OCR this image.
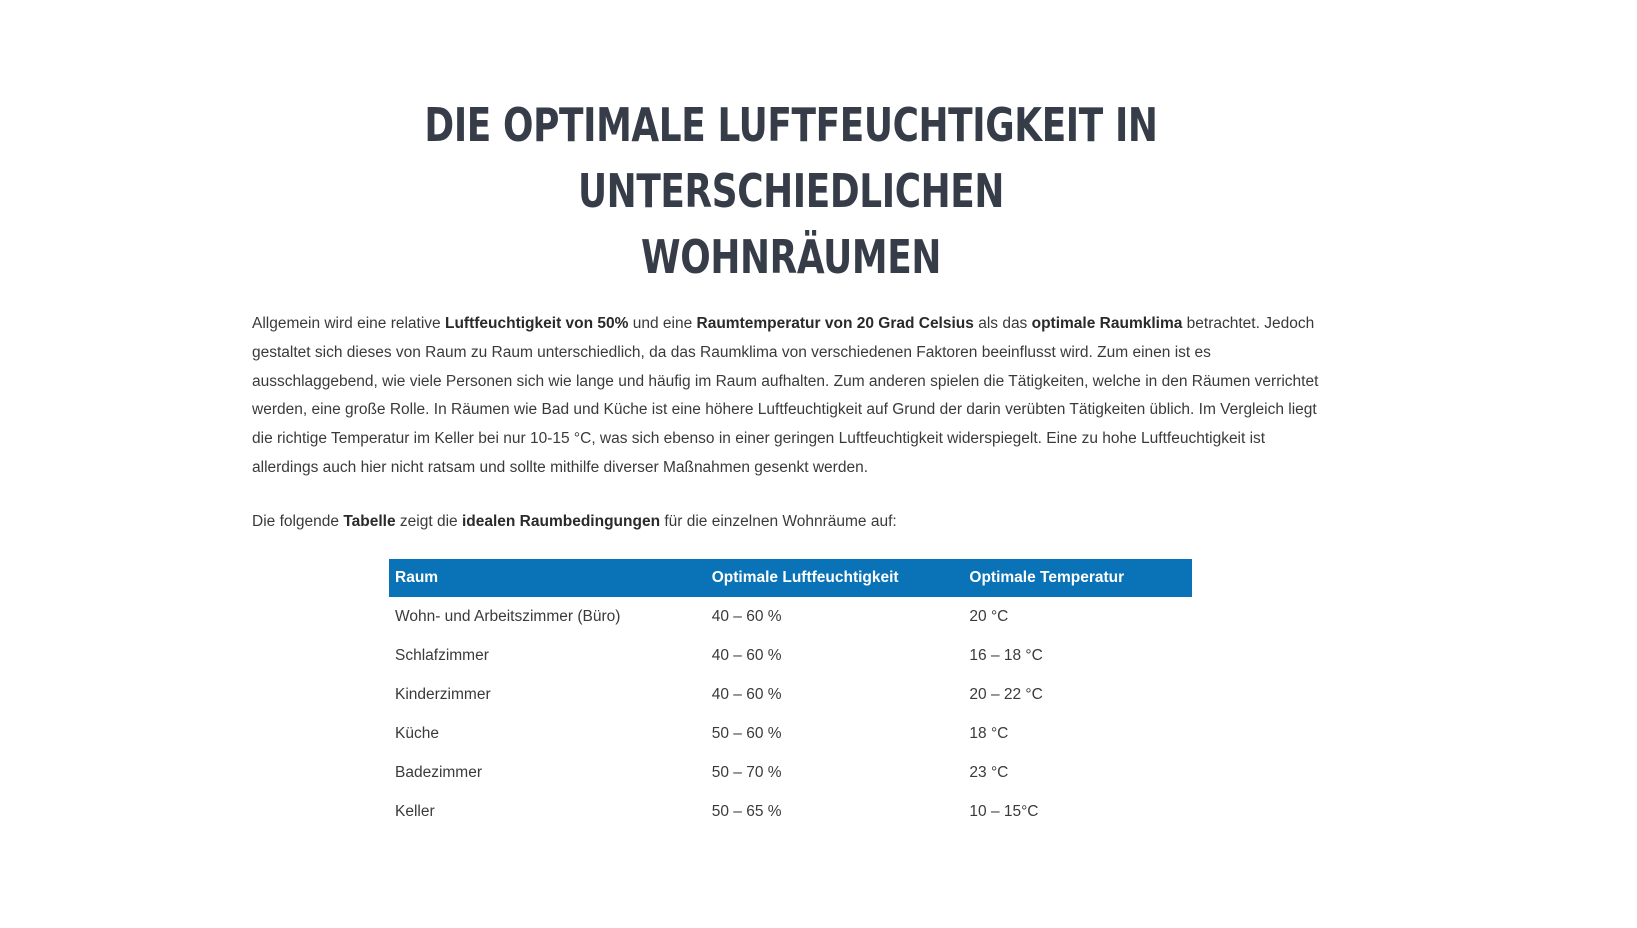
DIE OPTIMALE LUFTFEUCHTIGKEIT IN UNTERSCHIEDLICHEN
WOHNRÄUMEN

Allgemein wird eine relative Luftfeuchtigkeit von 50% und eine Raumtemperatur von 20 Grad Celsius als das optimale Raumklima betrachtet. Jedoch gestaltet sich dieses von Raum zu Raum unterschiedlich, da das Raumklima von verschiedenen Faktoren beeinflusst wird. Zum einen ist es ausschlaggebend, wie viele Personen sich wie lange und häufig im Raum aufhalten. Zum anderen spielen die Tätigkeiten, welche in den Räumen verrichtet werden, eine große Rolle. In Räumen wie Bad und Küche ist eine höhere Luftfeuchtigkeit auf Grund der darin verübten Tätigkeiten üblich. Im Vergleich liegt die richtige Temperatur im Keller bei nur 10-15 °C, was sich ebenso in einer geringen Luftfeuchtigkeit widerspiegelt. Eine zu hohe Luftfeuchtigkeit ist allerdings auch hier nicht ratsam und sollte mithilfe diverser Maßnahmen gesenkt werden.

Die folgende Tabelle zeigt die idealen Raumbedingungen für die einzelnen Wohnräume auf:

Raum	Optimale Luftfeuchtigkeit	Optimale Temperatur
Wohn- und Arbeitszimmer (Büro)	40 – 60 %	20 °C
Schlafzimmer	40 – 60 %	16 – 18 °C
Kinderzimmer	40 – 60 %	20 – 22 °C
Küche	50 – 60 %	18 °C
Badezimmer	50 – 70 %	23 °C
Keller	50 – 65 %	10 – 15°C
